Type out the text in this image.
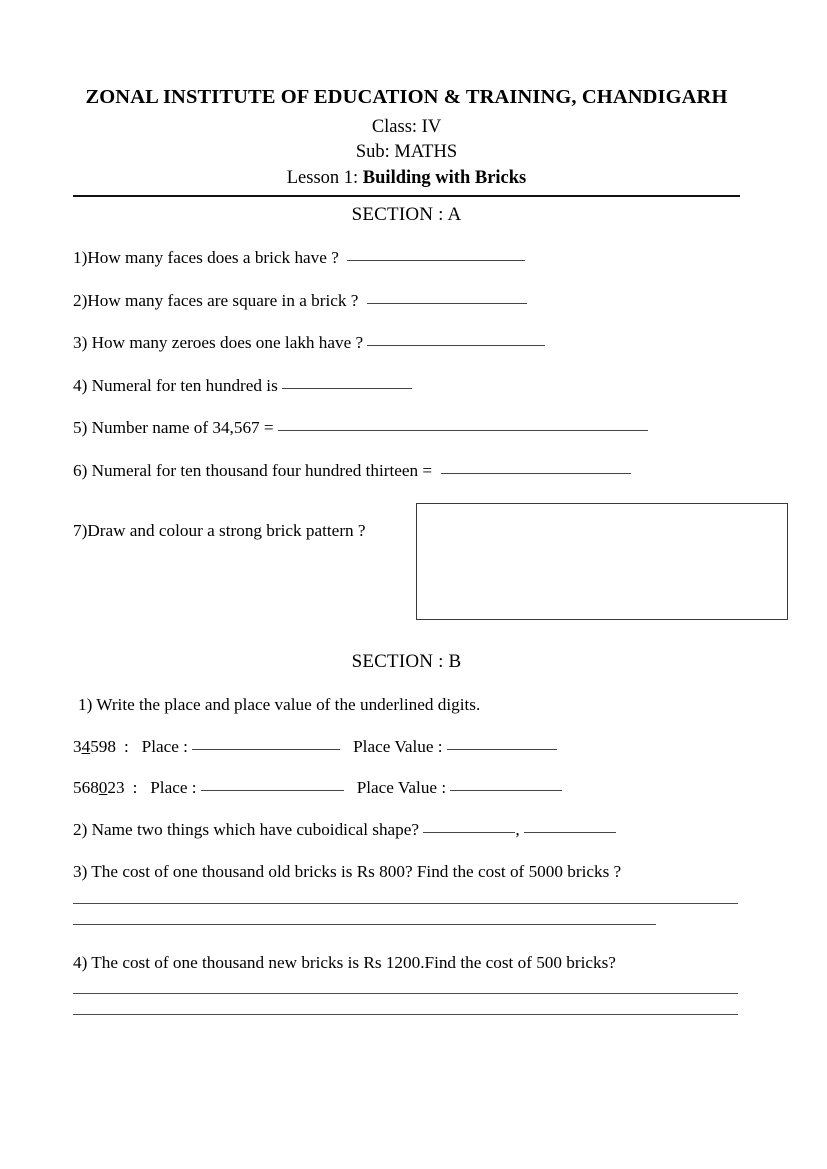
ZONAL INSTITUTE OF EDUCATION & TRAINING, CHANDIGARH
Class: IV
Sub: MATHS
Lesson 1: Building with Bricks
SECTION : A
1)How many faces does a brick have ?
2)How many faces are square in a brick ?
3) How many zeroes does one lakh have ?
4) Numeral for ten hundred is
5) Number name of 34,567 =
6) Numeral for ten thousand four hundred thirteen =
7)Draw and colour a strong brick pattern ?
SECTION : B
1) Write the place and place value of the underlined digits.
34598 : Place :	Place Value :
568023 : Place :	Place Value :
2) Name two things which have cuboidical shape?	,
3) The cost of one thousand old bricks is Rs 800? Find the cost of 5000 bricks ?
4) The cost of one thousand new bricks is Rs 1200.Find the cost of 500 bricks?
